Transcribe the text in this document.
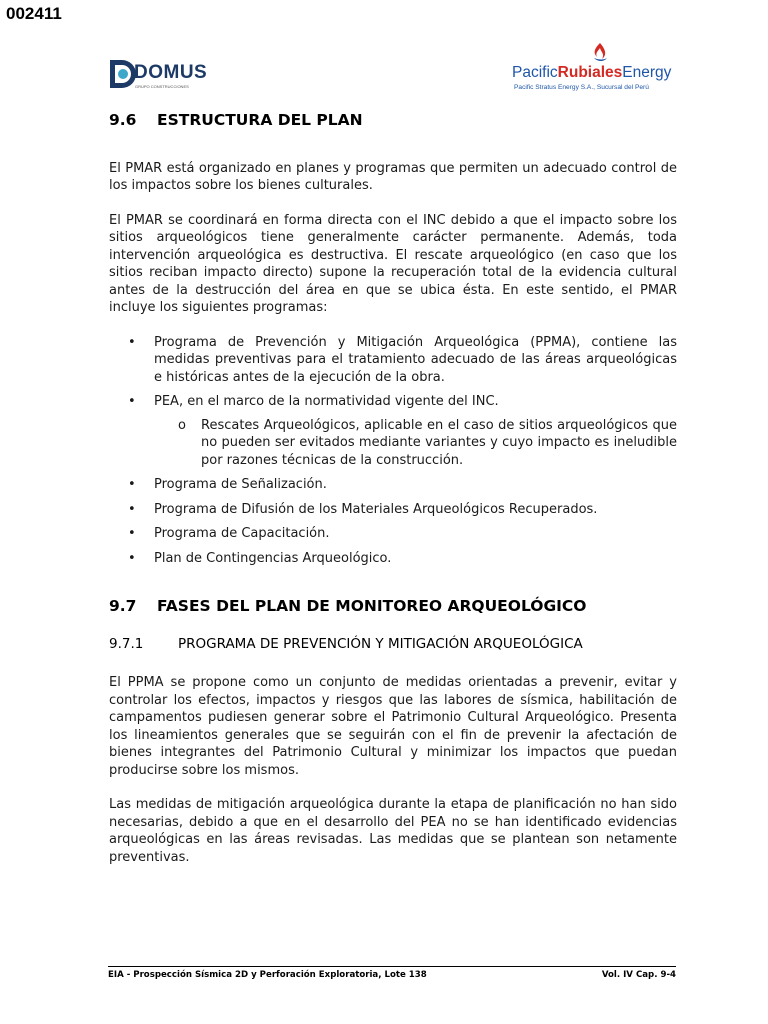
002411
DOMUS
GRUPO CONSTRUCCIONES
PacificRubialesEnergy
Pacific Stratus Energy S.A., Sucursal del Perú
9.6 ESTRUCTURA DEL PLAN

El PMAR está organizado en planes y programas que permiten un adecuado control de los impactos sobre los bienes culturales.

El PMAR se coordinará en forma directa con el INC debido a que el impacto sobre los sitios arqueológicos tiene generalmente carácter permanente. Además, toda intervención arqueológica es destructiva. El rescate arqueológico (en caso que los sitios reciban impacto directo) supone la recuperación total de la evidencia cultural antes de la destrucción del área en que se ubica ésta. En este sentido, el PMAR incluye los siguientes programas:

• Programa de Prevención y Mitigación Arqueológica (PPMA), contiene las medidas preventivas para el tratamiento adecuado de las áreas arqueológicas e históricas antes de la ejecución de la obra.
• PEA, en el marco de la normatividad vigente del INC.
o Rescates Arqueológicos, aplicable en el caso de sitios arqueológicos que no pueden ser evitados mediante variantes y cuyo impacto es ineludible por razones técnicas de la construcción.
• Programa de Señalización.
• Programa de Difusión de los Materiales Arqueológicos Recuperados.
• Programa de Capacitación.
• Plan de Contingencias Arqueológico.
9.7 FASES DEL PLAN DE MONITOREO ARQUEOLÓGICO
9.7.1	PROGRAMA DE PREVENCIÓN Y MITIGACIÓN ARQUEOLÓGICA

El PPMA se propone como un conjunto de medidas orientadas a prevenir, evitar y controlar los efectos, impactos y riesgos que las labores de sísmica, habilitación de campamentos pudiesen generar sobre el Patrimonio Cultural Arqueológico. Presenta los lineamientos generales que se seguirán con el fin de prevenir la afectación de bienes integrantes del Patrimonio Cultural y minimizar los impactos que puedan producirse sobre los mismos.

Las medidas de mitigación arqueológica durante la etapa de planificación no han sido necesarias, debido a que en el desarrollo del PEA no se han identificado evidencias arqueológicas en las áreas revisadas. Las medidas que se plantean son netamente preventivas.

EIA - Prospección Sísmica 2D y Perforación Exploratoria, Lote 138	Vol. IV Cap. 9-4
